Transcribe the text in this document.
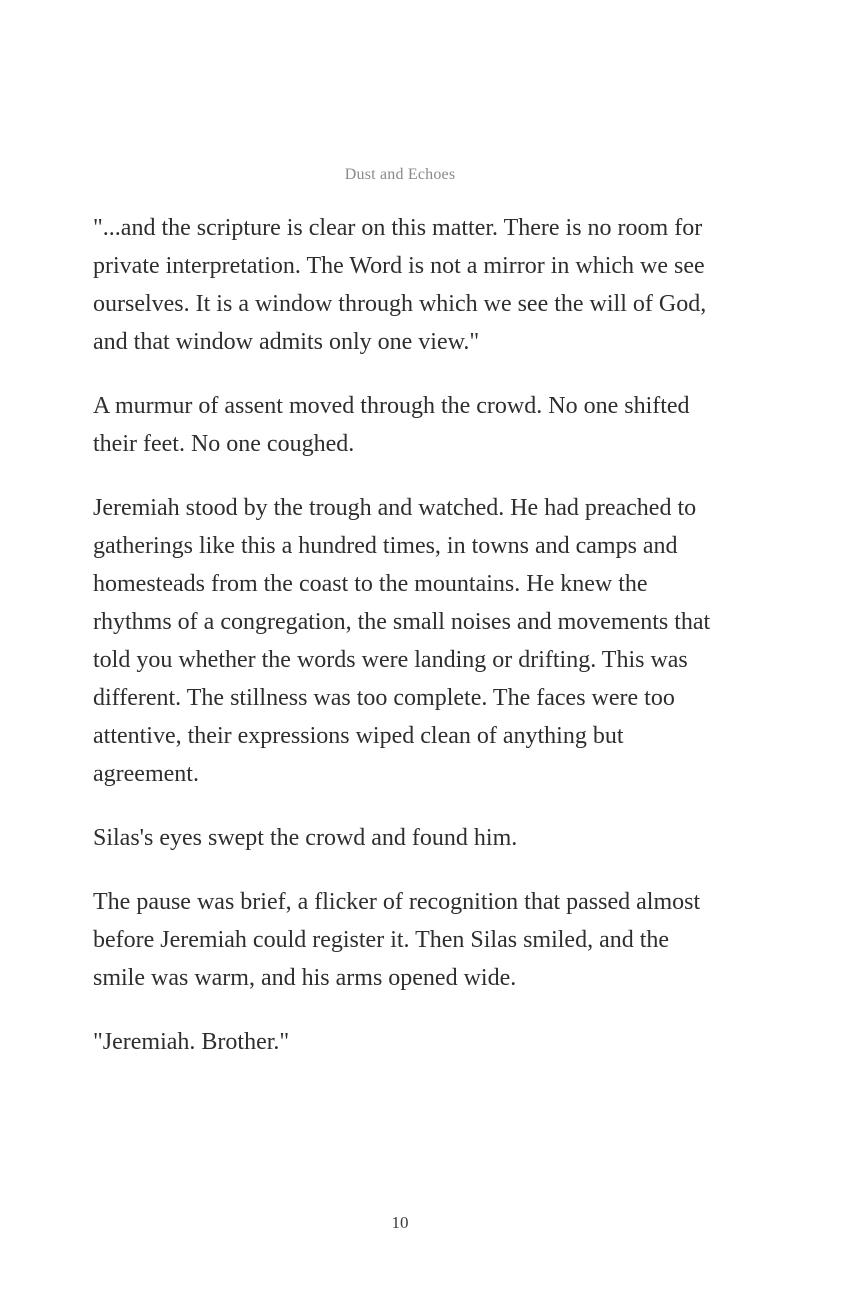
Dust and Echoes

"...and the scripture is clear on this matter. There is no room for private interpretation. The Word is not a mirror in which we see ourselves. It is a window through which we see the will of God, and that window admits only one view."

A murmur of assent moved through the crowd. No one shifted their feet. No one coughed.

Jeremiah stood by the trough and watched. He had preached to gatherings like this a hundred times, in towns and camps and homesteads from the coast to the mountains. He knew the rhythms of a congregation, the small noises and movements that told you whether the words were landing or drifting. This was different. The stillness was too complete. The faces were too attentive, their expressions wiped clean of anything but agreement.

Silas's eyes swept the crowd and found him.

The pause was brief, a flicker of recognition that passed almost before Jeremiah could register it. Then Silas smiled, and the smile was warm, and his arms opened wide.

"Jeremiah. Brother."

10
